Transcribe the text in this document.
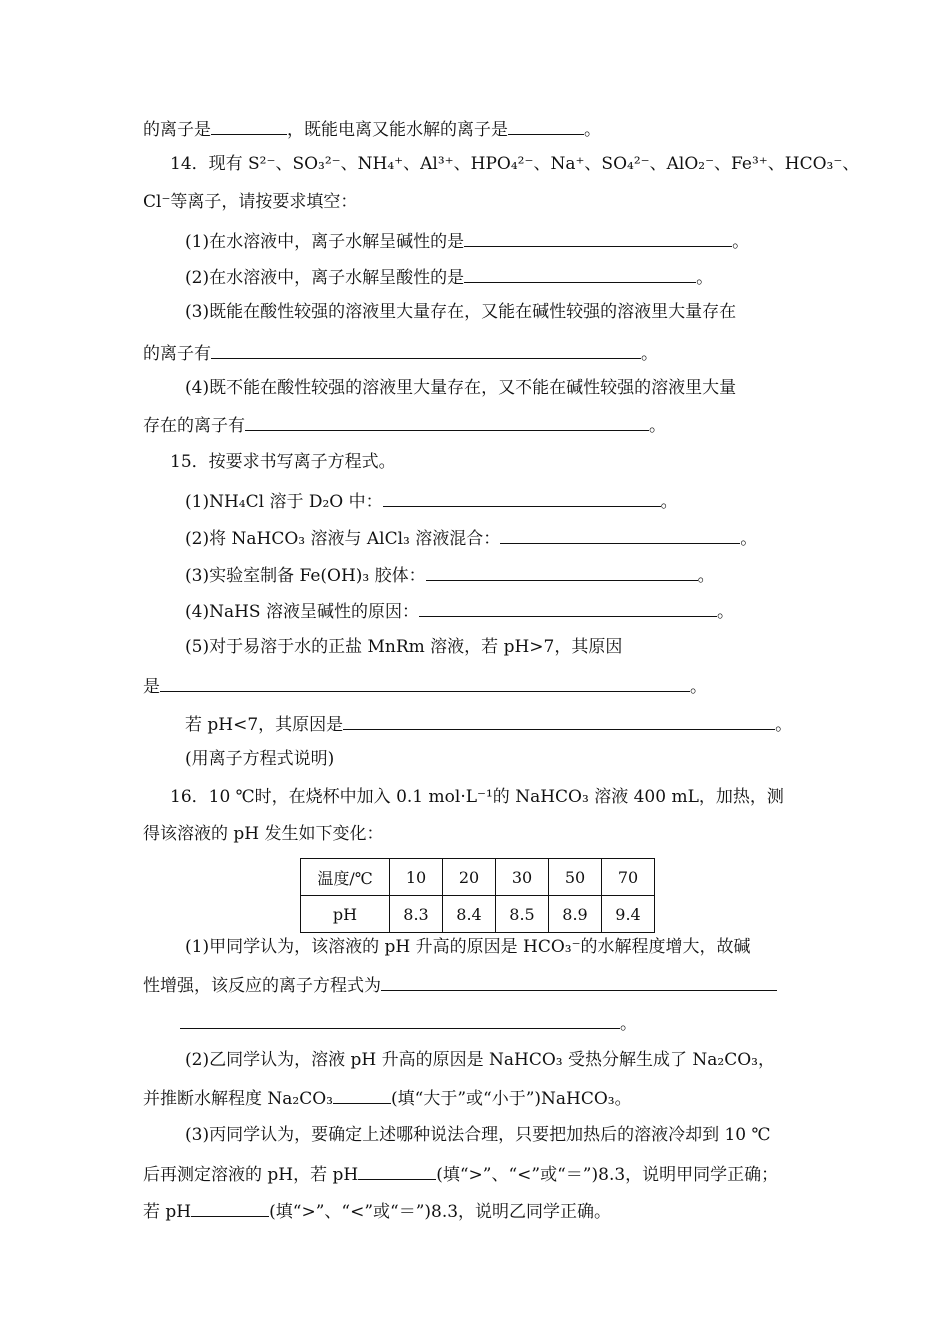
的离子是	，既能电离又能水解的离子是	。
14．现有 S²⁻、SO₃²⁻、NH₄⁺、Al³⁺、HPO₄²⁻、Na⁺、SO₄²⁻、AlO₂⁻、Fe³⁺、HCO₃⁻、
Cl⁻等离子，请按要求填空：
(1)在水溶液中，离子水解呈碱性的是	。
(2)在水溶液中，离子水解呈酸性的是	。
(3)既能在酸性较强的溶液里大量存在，又能在碱性较强的溶液里大量存在
的离子有	。
(4)既不能在酸性较强的溶液里大量存在，又不能在碱性较强的溶液里大量
存在的离子有	。
15．按要求书写离子方程式。
(1)NH₄Cl 溶于 D₂O 中：	。
(2)将 NaHCO₃ 溶液与 AlCl₃ 溶液混合：	。
(3)实验室制备 Fe(OH)₃ 胶体：	。
(4)NaHS 溶液呈碱性的原因：	。
(5)对于易溶于水的正盐 MnRm 溶液，若 pH>7，其原因
是	。
若 pH<7，其原因是	。
(用离子方程式说明)
16．10 ℃时，在烧杯中加入 0.1 mol·L⁻¹的 NaHCO₃ 溶液 400 mL，加热，测
得该溶液的 pH 发生如下变化：
温度/℃	10	20	30	50	70
pH	8.3	8.4	8.5	8.9	9.4
(1)甲同学认为，该溶液的 pH 升高的原因是 HCO₃⁻的水解程度增大，故碱
性增强，该反应的离子方程式为
。
(2)乙同学认为，溶液 pH 升高的原因是 NaHCO₃ 受热分解生成了 Na₂CO₃，
并推断水解程度 Na₂CO₃	(填“大于”或“小于”)NaHCO₃。
(3)丙同学认为，要确定上述哪种说法合理，只要把加热后的溶液冷却到 10 ℃
后再测定溶液的 pH，若 pH	(填“>”、“<”或“＝”)8.3，说明甲同学正确；
若 pH	(填“>”、“<”或“＝”)8.3，说明乙同学正确。
